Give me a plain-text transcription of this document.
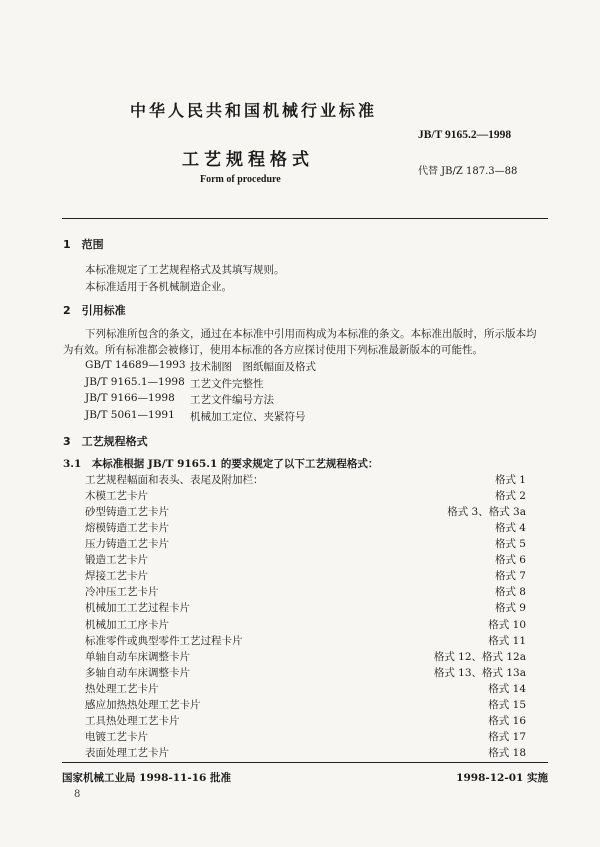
中华人民共和国机械行业标准
JB/T 9165.2—1998
工艺规程格式
代替 JB/Z 187.3—88
Form of procedure
1　范围
本标准规定了工艺规程格式及其填写规则。
本标准适用于各机械制造企业。
2　引用标准
下列标准所包含的条文，通过在本标准中引用而构成为本标准的条文。本标准出版时，所示版本均
为有效。所有标准都会被修订，使用本标准的各方应探讨使用下列标准最新版本的可能性。
GB/T 14689—1993 技术制图　图纸幅面及格式
JB/T 9165.1—1998 工艺文件完整性
JB/T 9166—1998 工艺文件编号方法
JB/T 5061—1991 机械加工定位、夹紧符号
3　工艺规程格式
3.1　本标准根据 JB/T 9165.1 的要求规定了以下工艺规程格式：
工艺规程幅面和表头、表尾及附加栏：	格式 1
木模工艺卡片	格式 2
砂型铸造工艺卡片	格式 3、格式 3a
熔模铸造工艺卡片	格式 4
压力铸造工艺卡片	格式 5
锻造工艺卡片	格式 6
焊接工艺卡片	格式 7
冷冲压工艺卡片	格式 8
机械加工工艺过程卡片	格式 9
机械加工工序卡片	格式 10
标准零件或典型零件工艺过程卡片	格式 11
单轴自动车床调整卡片	格式 12、格式 12a
多轴自动车床调整卡片	格式 13、格式 13a
热处理工艺卡片	格式 14
感应加热热处理工艺卡片	格式 15
工具热处理工艺卡片	格式 16
电镀工艺卡片	格式 17
表面处理工艺卡片	格式 18
国家机械工业局 1998-11-16 批准	1998-12-01 实施
8
